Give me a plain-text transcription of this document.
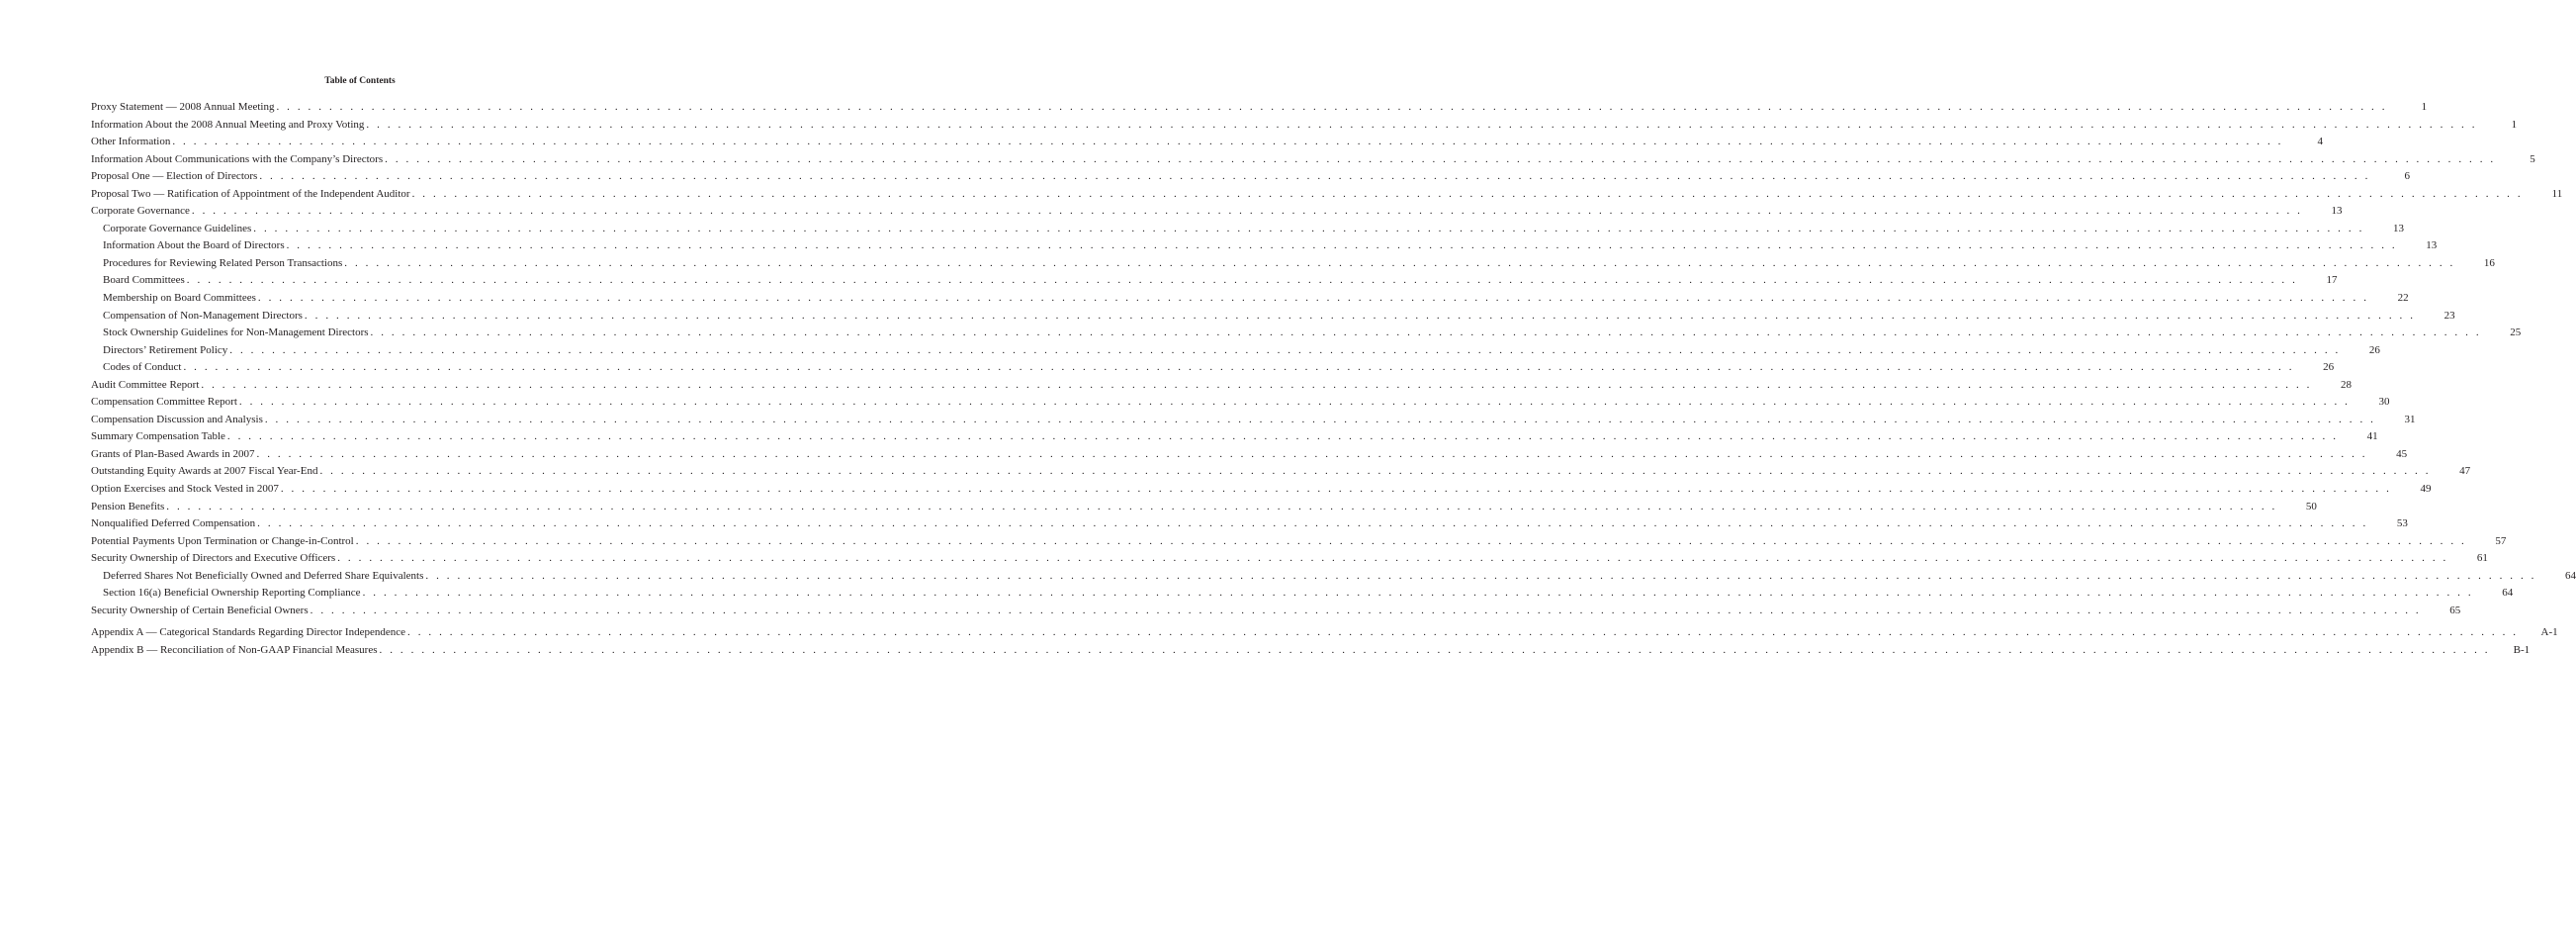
Table of Contents
Proxy Statement — 2008 Annual Meeting . . . . . . . . . . . . . . . . . . . . . . . . . . . . . . . . . . . . . . . . . . . . . . . . . . . . . . . . . . . . . . . . . . . . . . . . . . . . . . . . . . . . . . . . . . . . . . . . . . . . . . . . . . . . . . . . . . . . . . . . . . . . . . . . . . . . . . . . . . . . . . . . . . . . . . . . . . . . . . . . . . . . . . . . . . . . . . . . . . . . . . . . . . . . . . . . . . . . . . . .	1
Information About the 2008 Annual Meeting and Proxy Voting . . . . . . . . . . . . . . . . . . . . . . . . . . . . . . . . . . . . . . . . . . . . . . . . . . . . . . . . . . . . . . . . . . . . . . . . . . . . . . . . . . . . . . . . . . . . . . . . . . . . . . . . . . . . . . . . . . . . . . . . . . . . . . . . . . . . . . . . . . . . . . . . . . . . . . . . . . . . . . . . . . . . . . . . . . . . . . . . . . . . . . . . . . . . . . . . . . . . . . . .	1
Other Information . . . . . . . . . . . . . . . . . . . . . . . . . . . . . . . . . . . . . . . . . . . . . . . . . . . . . . . . . . . . . . . . . . . . . . . . . . . . . . . . . . . . . . . . . . . . . . . . . . . . . . . . . . . . . . . . . . . . . . . . . . . . . . . . . . . . . . . . . . . . . . . . . . . . . . . . . . . . . . . . . . . . . . . . . . . . . . . . . . . . . . . . . . . . . . . . . . . . . . . .	4
Information About Communications with the Company’s Directors . . . . . . . . . . . . . . . . . . . . . . . . . . . . . . . . . . . . . . . . . . . . . . . . . . . . . . . . . . . . . . . . . . . . . . . . . . . . . . . . . . . . . . . . . . . . . . . . . . . . . . . . . . . . . . . . . . . . . . . . . . . . . . . . . . . . . . . . . . . . . . . . . . . . . . . . . . . . . . . . . . . . . . . . . . . . . . . . . . . . . . . . . . . . . . . . . . . . . . . .	5
Proposal One — Election of Directors . . . . . . . . . . . . . . . . . . . . . . . . . . . . . . . . . . . . . . . . . . . . . . . . . . . . . . . . . . . . . . . . . . . . . . . . . . . . . . . . . . . . . . . . . . . . . . . . . . . . . . . . . . . . . . . . . . . . . . . . . . . . . . . . . . . . . . . . . . . . . . . . . . . . . . . . . . . . . . . . . . . . . . . . . . . . . . . . . . . . . . . . . . . . . . . . . . . . . . . .	6
Proposal Two — Ratification of Appointment of the Independent Auditor . . . . . . . . . . . . . . . . . . . . . . . . . . . . . . . . . . . . . . . . . . . . . . . . . . . . . . . . . . . . . . . . . . . . . . . . . . . . . . . . . . . . . . . . . . . . . . . . . . . . . . . . . . . . . . . . . . . . . . . . . . . . . . . . . . . . . . . . . . . . . . . . . . . . . . . . . . . . . . . . . . . . . . . . . . . . . . . . . . . . . . . . . . . . . . . . . . . . . . . .	11
Corporate Governance . . . . . . . . . . . . . . . . . . . . . . . . . . . . . . . . . . . . . . . . . . . . . . . . . . . . . . . . . . . . . . . . . . . . . . . . . . . . . . . . . . . . . . . . . . . . . . . . . . . . . . . . . . . . . . . . . . . . . . . . . . . . . . . . . . . . . . . . . . . . . . . . . . . . . . . . . . . . . . . . . . . . . . . . . . . . . . . . . . . . . . . . . . . . . . . . . . . . . . . .	13
Corporate Governance Guidelines . . . . . . . . . . . . . . . . . . . . . . . . . . . . . . . . . . . . . . . . . . . . . . . . . . . . . . . . . . . . . . . . . . . . . . . . . . . . . . . . . . . . . . . . . . . . . . . . . . . . . . . . . . . . . . . . . . . . . . . . . . . . . . . . . . . . . . . . . . . . . . . . . . . . . . . . . . . . . . . . . . . . . . . . . . . . . . . . . . . . . . . . . . . . . . . . . . . . . . . .	13
Information About the Board of Directors . . . . . . . . . . . . . . . . . . . . . . . . . . . . . . . . . . . . . . . . . . . . . . . . . . . . . . . . . . . . . . . . . . . . . . . . . . . . . . . . . . . . . . . . . . . . . . . . . . . . . . . . . . . . . . . . . . . . . . . . . . . . . . . . . . . . . . . . . . . . . . . . . . . . . . . . . . . . . . . . . . . . . . . . . . . . . . . . . . . . . . . . . . . . . . . . . . . . . . . .	13
Procedures for Reviewing Related Person Transactions . . . . . . . . . . . . . . . . . . . . . . . . . . . . . . . . . . . . . . . . . . . . . . . . . . . . . . . . . . . . . . . . . . . . . . . . . . . . . . . . . . . . . . . . . . . . . . . . . . . . . . . . . . . . . . . . . . . . . . . . . . . . . . . . . . . . . . . . . . . . . . . . . . . . . . . . . . . . . . . . . . . . . . . . . . . . . . . . . . . . . . . . . . . . . . . . . . . . . . . .	16
Board Committees . . . . . . . . . . . . . . . . . . . . . . . . . . . . . . . . . . . . . . . . . . . . . . . . . . . . . . . . . . . . . . . . . . . . . . . . . . . . . . . . . . . . . . . . . . . . . . . . . . . . . . . . . . . . . . . . . . . . . . . . . . . . . . . . . . . . . . . . . . . . . . . . . . . . . . . . . . . . . . . . . . . . . . . . . . . . . . . . . . . . . . . . . . . . . . . . . . . . . . . .	17
Membership on Board Committees . . . . . . . . . . . . . . . . . . . . . . . . . . . . . . . . . . . . . . . . . . . . . . . . . . . . . . . . . . . . . . . . . . . . . . . . . . . . . . . . . . . . . . . . . . . . . . . . . . . . . . . . . . . . . . . . . . . . . . . . . . . . . . . . . . . . . . . . . . . . . . . . . . . . . . . . . . . . . . . . . . . . . . . . . . . . . . . . . . . . . . . . . . . . . . . . . . . . . . . .	22
Compensation of Non-Management Directors . . . . . . . . . . . . . . . . . . . . . . . . . . . . . . . . . . . . . . . . . . . . . . . . . . . . . . . . . . . . . . . . . . . . . . . . . . . . . . . . . . . . . . . . . . . . . . . . . . . . . . . . . . . . . . . . . . . . . . . . . . . . . . . . . . . . . . . . . . . . . . . . . . . . . . . . . . . . . . . . . . . . . . . . . . . . . . . . . . . . . . . . . . . . . . . . . . . . . . . .	23
Stock Ownership Guidelines for Non-Management Directors . . . . . . . . . . . . . . . . . . . . . . . . . . . . . . . . . . . . . . . . . . . . . . . . . . . . . . . . . . . . . . . . . . . . . . . . . . . . . . . . . . . . . . . . . . . . . . . . . . . . . . . . . . . . . . . . . . . . . . . . . . . . . . . . . . . . . . . . . . . . . . . . . . . . . . . . . . . . . . . . . . . . . . . . . . . . . . . . . . . . . . . . . . . . . . . . . . . . . . . .	25
Directors’ Retirement Policy . . . . . . . . . . . . . . . . . . . . . . . . . . . . . . . . . . . . . . . . . . . . . . . . . . . . . . . . . . . . . . . . . . . . . . . . . . . . . . . . . . . . . . . . . . . . . . . . . . . . . . . . . . . . . . . . . . . . . . . . . . . . . . . . . . . . . . . . . . . . . . . . . . . . . . . . . . . . . . . . . . . . . . . . . . . . . . . . . . . . . . . . . . . . . . . . . . . . . . . .	26
Codes of Conduct . . . . . . . . . . . . . . . . . . . . . . . . . . . . . . . . . . . . . . . . . . . . . . . . . . . . . . . . . . . . . . . . . . . . . . . . . . . . . . . . . . . . . . . . . . . . . . . . . . . . . . . . . . . . . . . . . . . . . . . . . . . . . . . . . . . . . . . . . . . . . . . . . . . . . . . . . . . . . . . . . . . . . . . . . . . . . . . . . . . . . . . . . . . . . . . . . . . . . . . .	26
Audit Committee Report . . . . . . . . . . . . . . . . . . . . . . . . . . . . . . . . . . . . . . . . . . . . . . . . . . . . . . . . . . . . . . . . . . . . . . . . . . . . . . . . . . . . . . . . . . . . . . . . . . . . . . . . . . . . . . . . . . . . . . . . . . . . . . . . . . . . . . . . . . . . . . . . . . . . . . . . . . . . . . . . . . . . . . . . . . . . . . . . . . . . . . . . . . . . . . . . . . . . . . . .	28
Compensation Committee Report . . . . . . . . . . . . . . . . . . . . . . . . . . . . . . . . . . . . . . . . . . . . . . . . . . . . . . . . . . . . . . . . . . . . . . . . . . . . . . . . . . . . . . . . . . . . . . . . . . . . . . . . . . . . . . . . . . . . . . . . . . . . . . . . . . . . . . . . . . . . . . . . . . . . . . . . . . . . . . . . . . . . . . . . . . . . . . . . . . . . . . . . . . . . . . . . . . . . . . . .	30
Compensation Discussion and Analysis . . . . . . . . . . . . . . . . . . . . . . . . . . . . . . . . . . . . . . . . . . . . . . . . . . . . . . . . . . . . . . . . . . . . . . . . . . . . . . . . . . . . . . . . . . . . . . . . . . . . . . . . . . . . . . . . . . . . . . . . . . . . . . . . . . . . . . . . . . . . . . . . . . . . . . . . . . . . . . . . . . . . . . . . . . . . . . . . . . . . . . . . . . . . . . . . . . . . . . . .	31
Summary Compensation Table . . . . . . . . . . . . . . . . . . . . . . . . . . . . . . . . . . . . . . . . . . . . . . . . . . . . . . . . . . . . . . . . . . . . . . . . . . . . . . . . . . . . . . . . . . . . . . . . . . . . . . . . . . . . . . . . . . . . . . . . . . . . . . . . . . . . . . . . . . . . . . . . . . . . . . . . . . . . . . . . . . . . . . . . . . . . . . . . . . . . . . . . . . . . . . . . . . . . . . . .	41
Grants of Plan-Based Awards in 2007 . . . . . . . . . . . . . . . . . . . . . . . . . . . . . . . . . . . . . . . . . . . . . . . . . . . . . . . . . . . . . . . . . . . . . . . . . . . . . . . . . . . . . . . . . . . . . . . . . . . . . . . . . . . . . . . . . . . . . . . . . . . . . . . . . . . . . . . . . . . . . . . . . . . . . . . . . . . . . . . . . . . . . . . . . . . . . . . . . . . . . . . . . . . . . . . . . . . . . . . .	45
Outstanding Equity Awards at 2007 Fiscal Year-End . . . . . . . . . . . . . . . . . . . . . . . . . . . . . . . . . . . . . . . . . . . . . . . . . . . . . . . . . . . . . . . . . . . . . . . . . . . . . . . . . . . . . . . . . . . . . . . . . . . . . . . . . . . . . . . . . . . . . . . . . . . . . . . . . . . . . . . . . . . . . . . . . . . . . . . . . . . . . . . . . . . . . . . . . . . . . . . . . . . . . . . . . . . . . . . . . . . . . . . .	47
Option Exercises and Stock Vested in 2007 . . . . . . . . . . . . . . . . . . . . . . . . . . . . . . . . . . . . . . . . . . . . . . . . . . . . . . . . . . . . . . . . . . . . . . . . . . . . . . . . . . . . . . . . . . . . . . . . . . . . . . . . . . . . . . . . . . . . . . . . . . . . . . . . . . . . . . . . . . . . . . . . . . . . . . . . . . . . . . . . . . . . . . . . . . . . . . . . . . . . . . . . . . . . . . . . . . . . . . . .	49
Pension Benefits . . . . . . . . . . . . . . . . . . . . . . . . . . . . . . . . . . . . . . . . . . . . . . . . . . . . . . . . . . . . . . . . . . . . . . . . . . . . . . . . . . . . . . . . . . . . . . . . . . . . . . . . . . . . . . . . . . . . . . . . . . . . . . . . . . . . . . . . . . . . . . . . . . . . . . . . . . . . . . . . . . . . . . . . . . . . . . . . . . . . . . . . . . . . . . . . . . . . . . . .	50
Nonqualified Deferred Compensation . . . . . . . . . . . . . . . . . . . . . . . . . . . . . . . . . . . . . . . . . . . . . . . . . . . . . . . . . . . . . . . . . . . . . . . . . . . . . . . . . . . . . . . . . . . . . . . . . . . . . . . . . . . . . . . . . . . . . . . . . . . . . . . . . . . . . . . . . . . . . . . . . . . . . . . . . . . . . . . . . . . . . . . . . . . . . . . . . . . . . . . . . . . . . . . . . . . . . . . .	53
Potential Payments Upon Termination or Change-in-Control . . . . . . . . . . . . . . . . . . . . . . . . . . . . . . . . . . . . . . . . . . . . . . . . . . . . . . . . . . . . . . . . . . . . . . . . . . . . . . . . . . . . . . . . . . . . . . . . . . . . . . . . . . . . . . . . . . . . . . . . . . . . . . . . . . . . . . . . . . . . . . . . . . . . . . . . . . . . . . . . . . . . . . . . . . . . . . . . . . . . . . . . . . . . . . . . . . . . . . . .	57
Security Ownership of Directors and Executive Officers . . . . . . . . . . . . . . . . . . . . . . . . . . . . . . . . . . . . . . . . . . . . . . . . . . . . . . . . . . . . . . . . . . . . . . . . . . . . . . . . . . . . . . . . . . . . . . . . . . . . . . . . . . . . . . . . . . . . . . . . . . . . . . . . . . . . . . . . . . . . . . . . . . . . . . . . . . . . . . . . . . . . . . . . . . . . . . . . . . . . . . . . . . . . . . . . . . . . . . . .	61
Deferred Shares Not Beneficially Owned and Deferred Share Equivalents . . . . . . . . . . . . . . . . . . . . . . . . . . . . . . . . . . . . . . . . . . . . . . . . . . . . . . . . . . . . . . . . . . . . . . . . . . . . . . . . . . . . . . . . . . . . . . . . . . . . . . . . . . . . . . . . . . . . . . . . . . . . . . . . . . . . . . . . . . . . . . . . . . . . . . . . . . . . . . . . . . . . . . . . . . . . . . . . . . . . . . . . . . . . . . . . . . . . . . . .	64
Section 16(a) Beneficial Ownership Reporting Compliance . . . . . . . . . . . . . . . . . . . . . . . . . . . . . . . . . . . . . . . . . . . . . . . . . . . . . . . . . . . . . . . . . . . . . . . . . . . . . . . . . . . . . . . . . . . . . . . . . . . . . . . . . . . . . . . . . . . . . . . . . . . . . . . . . . . . . . . . . . . . . . . . . . . . . . . . . . . . . . . . . . . . . . . . . . . . . . . . . . . . . . . . . . . . . . . . . . . . . . . .	64
Security Ownership of Certain Beneficial Owners . . . . . . . . . . . . . . . . . . . . . . . . . . . . . . . . . . . . . . . . . . . . . . . . . . . . . . . . . . . . . . . . . . . . . . . . . . . . . . . . . . . . . . . . . . . . . . . . . . . . . . . . . . . . . . . . . . . . . . . . . . . . . . . . . . . . . . . . . . . . . . . . . . . . . . . . . . . . . . . . . . . . . . . . . . . . . . . . . . . . . . . . . . . . . . . . . . . . . . . .	65
Appendix A — Categorical Standards Regarding Director Independence . . . . . . . . . . . . . . . . . . . . . . . . . . . . . . . . . . . . . . . . . . . . . . . . . . . . . . . . . . . . . . . . . . . . . . . . . . . . . . . . . . . . . . . . . . . . . . . . . . . . . . . . . . . . . . . . . . . . . . . . . . . . . . . . . . . . . . . . . . . . . . . . . . . . . . . . . . . . . . . . . . . . . . . . . . . . . . . . . . . . . . . . . . . . . . . . . . . . . . . .	A-1
Appendix B — Reconciliation of Non-GAAP Financial Measures . . . . . . . . . . . . . . . . . . . . . . . . . . . . . . . . . . . . . . . . . . . . . . . . . . . . . . . . . . . . . . . . . . . . . . . . . . . . . . . . . . . . . . . . . . . . . . . . . . . . . . . . . . . . . . . . . . . . . . . . . . . . . . . . . . . . . . . . . . . . . . . . . . . . . . . . . . . . . . . . . . . . . . . . . . . . . . . . . . . . . . . . . . . . . . . . . . . . . . . .	B-1
